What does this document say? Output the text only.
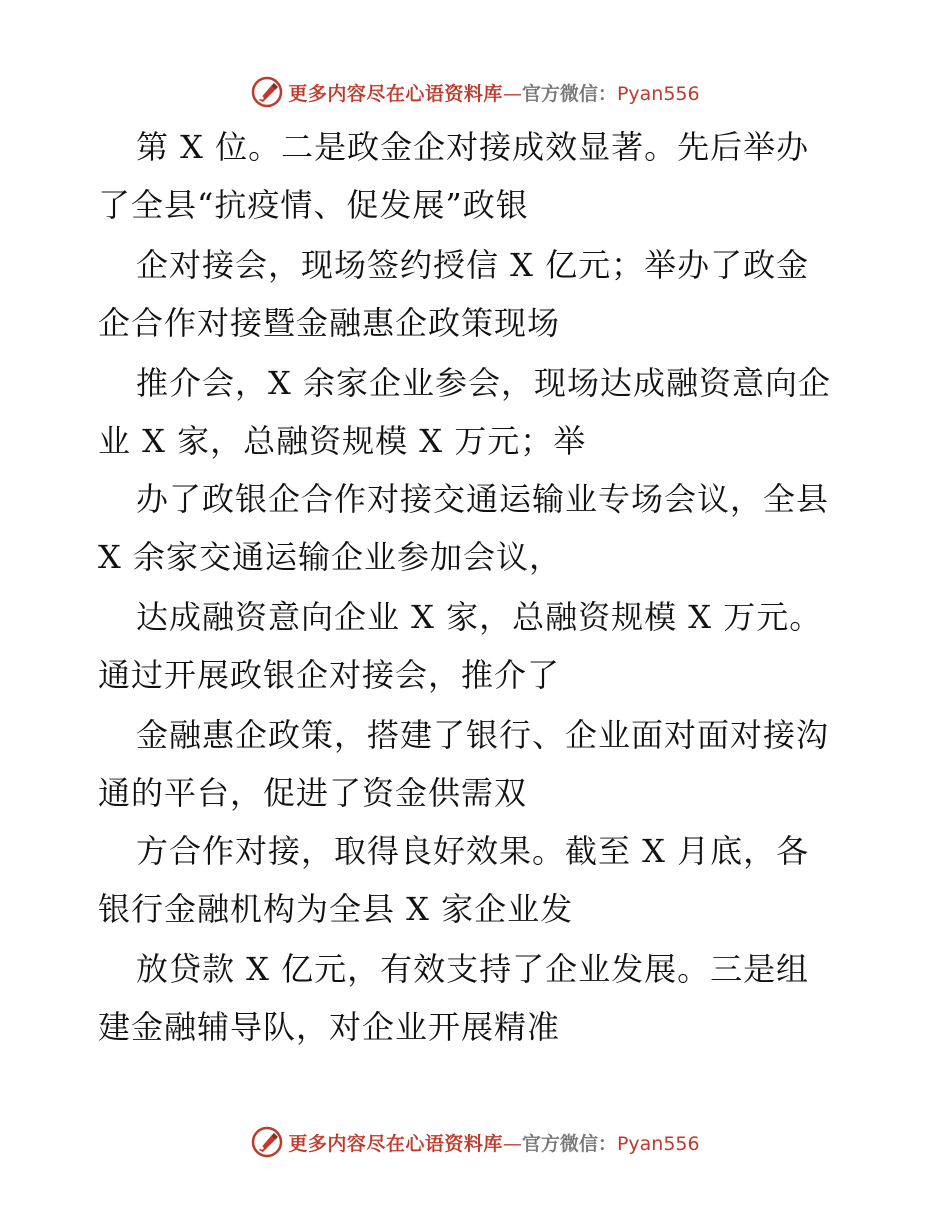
更多内容尽在心语资料库—官方微信：Pyan556
第 X 位。二是政金企对接成效显著。先后举办
了全县“抗疫情、促发展”政银
企对接会，现场签约授信 X 亿元；举办了政金
企合作对接暨金融惠企政策现场
推介会，X 余家企业参会，现场达成融资意向企
业 X 家，总融资规模 X 万元；举
办了政银企合作对接交通运输业专场会议，全县
X 余家交通运输企业参加会议，
达成融资意向企业 X 家，总融资规模 X 万元。
通过开展政银企对接会，推介了
金融惠企政策，搭建了银行、企业面对面对接沟
通的平台，促进了资金供需双
方合作对接，取得良好效果。截至 X 月底，各
银行金融机构为全县 X 家企业发
放贷款 X 亿元，有效支持了企业发展。三是组
建金融辅导队，对企业开展精准
更多内容尽在心语资料库—官方微信：Pyan556
